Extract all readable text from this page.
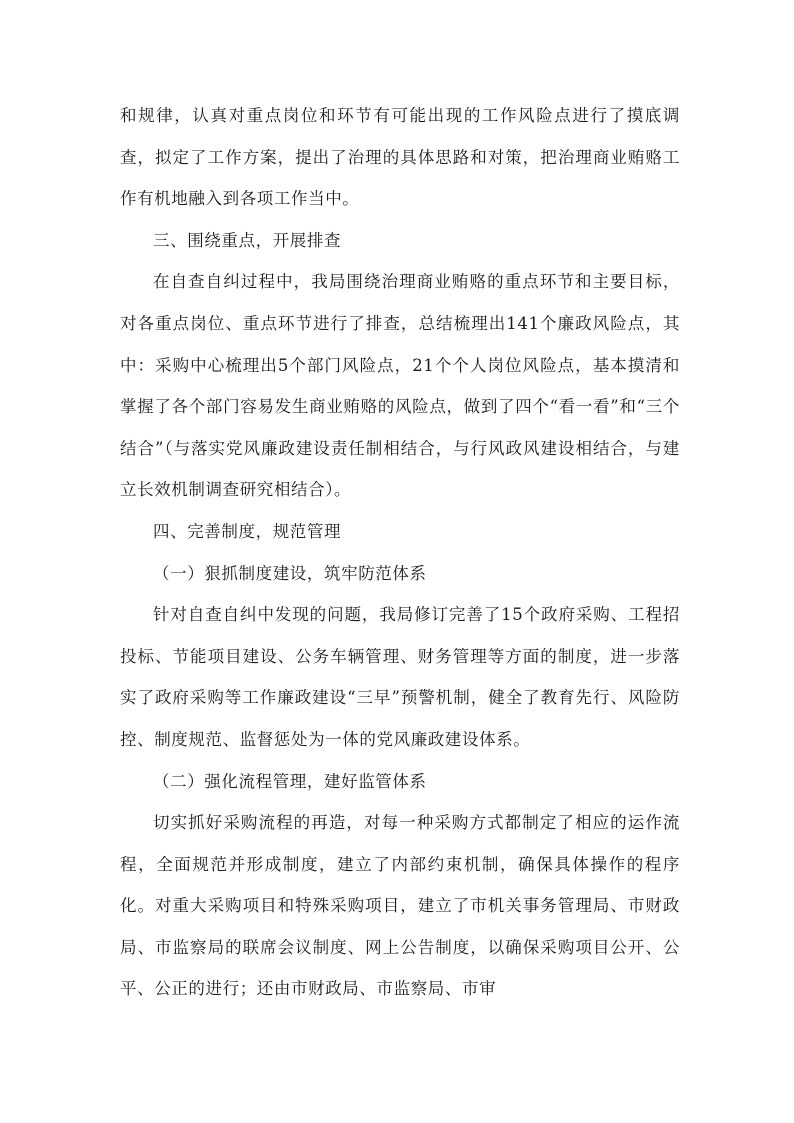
和规律，认真对重点岗位和环节有可能出现的工作风险点进行了摸底调查，拟定了工作方案，提出了治理的具体思路和对策，把治理商业贿赂工作有机地融入到各项工作当中。

三、围绕重点，开展排查

在自查自纠过程中，我局围绕治理商业贿赂的重点环节和主要目标，对各重点岗位、重点环节进行了排查，总结梳理出141个廉政风险点，其中：采购中心梳理出5个部门风险点，21个个人岗位风险点，基本摸清和掌握了各个部门容易发生商业贿赂的风险点，做到了四个“看一看”和“三个结合”（与落实党风廉政建设责任制相结合，与行风政风建设相结合，与建立长效机制调查研究相结合）。

四、完善制度，规范管理

（一）狠抓制度建设，筑牢防范体系

针对自查自纠中发现的问题，我局修订完善了15个政府采购、工程招投标、节能项目建设、公务车辆管理、财务管理等方面的制度，进一步落实了政府采购等工作廉政建设“三早”预警机制，健全了教育先行、风险防控、制度规范、监督惩处为一体的党风廉政建设体系。

（二）强化流程管理，建好监管体系

切实抓好采购流程的再造，对每一种采购方式都制定了相应的运作流程，全面规范并形成制度，建立了内部约束机制，确保具体操作的程序化。对重大采购项目和特殊采购项目，建立了市机关事务管理局、市财政局、市监察局的联席会议制度、网上公告制度，以确保采购项目公开、公平、公正的进行；还由市财政局、市监察局、市审
